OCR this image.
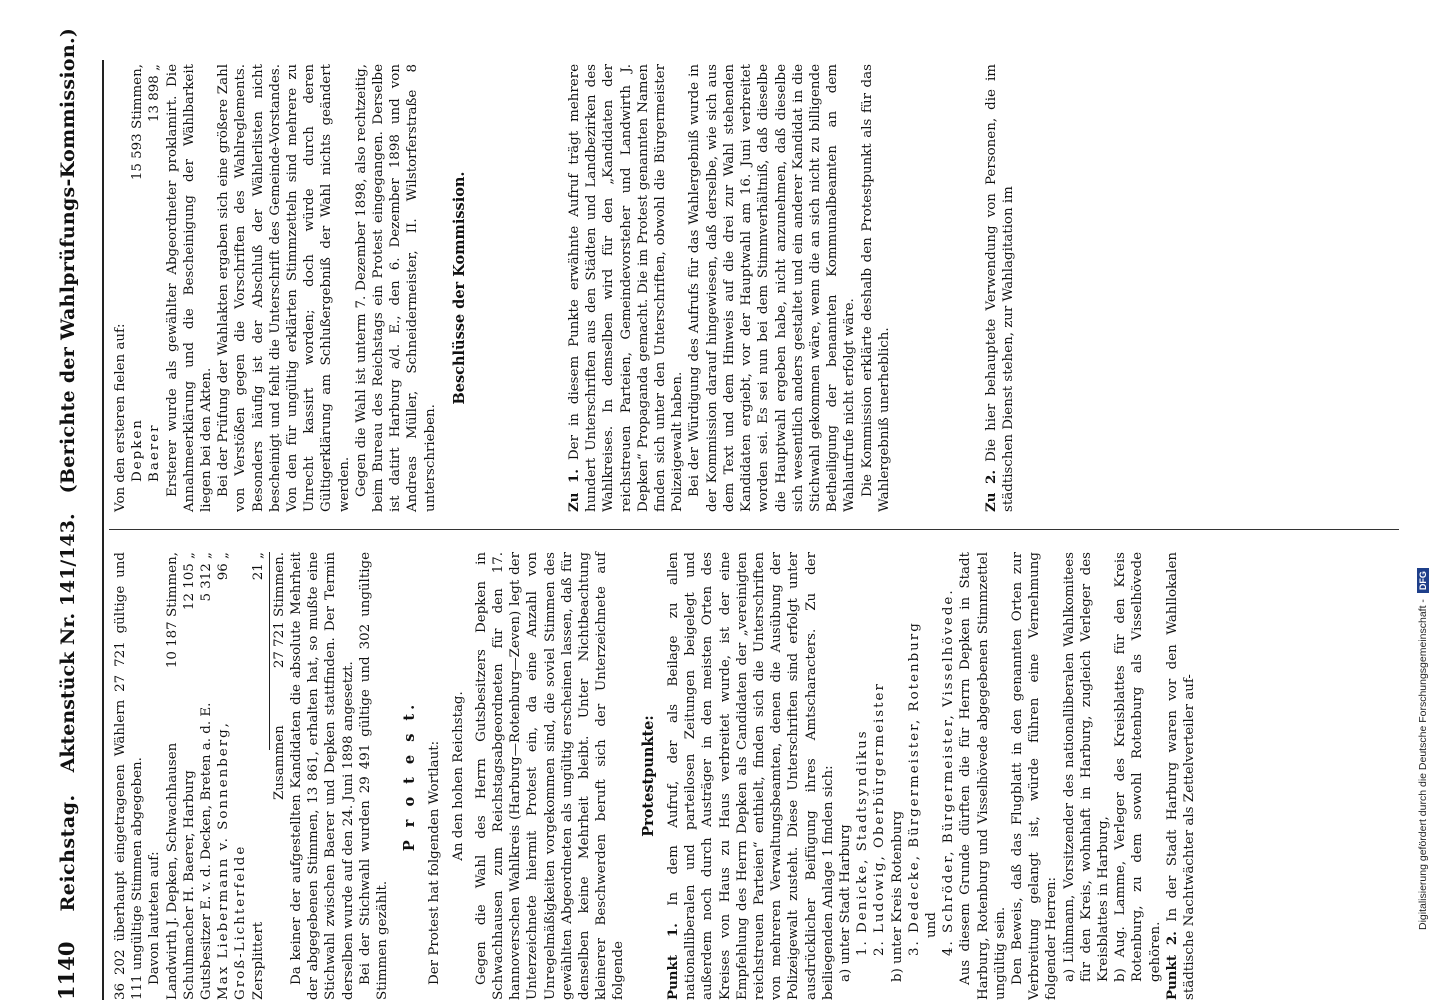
1140
Reichstag.
Aktenstück Nr. 141/143.
(Berichte der Wahlprüfungs-Kommission.)

36 202 überhaupt eingetragenen Wählern 27 721 gültige und 111 ungültige Stimmen abgegeben. Davon lauteten auf: Landwirth J. Depken, Schwachhausen
10 187 Stimmen,
Schuhmacher H. Baerer, Harburg
12 105 „
Gutsbesitzer E. v. d. Decken, Breten a. d. E.
5 312 „
Max Liebermann v. Sonnenberg, Groß-Lichterfelde
96 „
Zersplittert
21 „
Zusammen
27 721 Stimmen. Da keiner der aufgestellten Kandidaten die absolute Mehrheit der abgegebenen Stimmen, 13 861, erhalten hat, so mußte eine Stichwahl zwischen Baerer und Depken stattfinden. Der Termin derselben wurde auf den 24. Juni 1898 angesetzt. Bei der Stichwahl wurden 29 491 gültige und 302 ungültige Stimmen gezählt.

P r o t e s t. Der Protest hat folgenden Wortlaut: An den hohen Reichstag. Gegen die Wahl des Herrn Gutsbesitzers Depken in Schwachhausen zum Reichstagsabgeordneten für den 17. hannoverschen Wahlkreis (Harburg—Rotenburg—Zeven) legt der Unterzeichnete hiermit Protest ein, da eine Anzahl von Unregelmäßigkeiten vorgekommen sind, die soviel Stimmen des gewählten Abgeordneten als ungültig erscheinen lassen, daß für denselben keine Mehrheit bleibt. Unter Nichtbeachtung kleinerer Beschwerden beruft sich der Unterzeichnete auf folgende

Protestpunkte:

Punkt 1. In dem Aufruf, der als Beilage zu allen nationalliberalen und parteilosen Zeitungen beigelegt und außerdem noch durch Austräger in den meisten Orten des Kreises von Haus zu Haus verbreitet wurde, ist der eine Empfehlung des Herrn Depken als Candidaten der „vereinigten reichstreuen Parteien“ enthielt, finden sich die Unterschriften von mehreren Verwaltungsbeamten, denen die Ausübung der Polizeigewalt zusteht. Diese Unterschriften sind erfolgt unter ausdrücklicher Beifügung ihres Amtscharacters. Zu der beiliegenden Anlage 1 finden sich: a) unter Stadt Harburg 1. Denicke, Stadtsyndikus 2. Ludowig, Oberbürgermeister b) unter Kreis Rotenburg 3. Dedecke, Bürgermeister, Rotenburg und 4. Schröder, Bürgermeister, Visselhövede. Aus diesem Grunde dürften die für Herrn Depken in Stadt Harburg, Rotenburg und Visselhövede abgegebenen Stimmzettel ungültig sein. Den Beweis, daß das Flugblatt in den genannten Orten zur Verbreitung gelangt ist, würde führen eine Vernehmung folgender Herren: a) Lühmann, Vorsitzender des nationalliberalen Wahlkomitees für den Kreis, wohnhaft in Harburg, zugleich Verleger des Kreisblattes in Harburg, b) Aug. Lamme, Verleger des Kreisblattes für den Kreis Rotenburg, zu dem sowohl Rotenburg als Visselhövede gehören. Punkt 2. In der Stadt Harburg waren vor den Wahllokalen städtische Nachtwächter als Zettelverteiler auf-

Von den ersteren fielen auf: Depken
15 593 Stimmen,
Baerer
13 898 „ Ersterer wurde als gewählter Abgeordneter proklamirt. Die Annahmeerklärung und die Bescheinigung der Wählbarkeit liegen bei den Akten. Bei der Prüfung der Wahlakten ergaben sich eine größere Zahl von Verstößen gegen die Vorschriften des Wahlreglements. Besonders häufig ist der Abschluß der Wählerlisten nicht bescheinigt und fehlt die Unterschrift des Gemeinde-Vorstandes. Von den für ungültig erklärten Stimmzetteln sind mehrere zu Unrecht kassirt worden; doch würde durch deren Gültigerklärung am Schlußergebniß der Wahl nichts geändert werden. Gegen die Wahl ist unterm 7. Dezember 1898, also rechtzeitig, beim Bureau des Reichstags ein Protest eingegangen. Derselbe ist datirt Harburg a/d. E., den 6. Dezember 1898 und von Andreas Müller, Schneidermeister, II. Wilstorferstraße 8 unterschrieben.

Beschlüsse der Kommission.

Zu 1. Der in diesem Punkte erwähnte Aufruf trägt mehrere hundert Unterschriften aus den Städten und Landbezirken des Wahlkreises. In demselben wird für den „Kandidaten der reichstreuen Parteien, Gemeindevorsteher und Landwirth J. Depken“ Propaganda gemacht. Die im Protest genannten Namen finden sich unter den Unterschriften, obwohl die Bürgermeister Polizeigewalt haben. Bei der Würdigung des Aufrufs für das Wahlergebniß wurde in der Kommission darauf hingewiesen, daß derselbe, wie sich aus dem Text und dem Hinweis auf die drei zur Wahl stehenden Kandidaten ergiebt, vor der Hauptwahl am 16. Juni verbreitet worden sei. Es sei nun bei dem Stimmverhältniß, daß dieselbe die Hauptwahl ergeben habe, nicht anzunehmen, daß dieselbe sich wesentlich anders gestaltet und ein anderer Kandidat in die Stichwahl gekommen wäre, wenn die an sich nicht zu billigende Betheiligung der benannten Kommunalbeamten an dem Wahlaufrufe nicht erfolgt wäre. Die Kommission erklärte deshalb den Protestpunkt als für das Wahlergebniß unerheblich.	Zu 2. Die hier behauptete Verwendung von Personen, die im städtischen Dienst stehen, zur Wahlagitation im

Digitalisierung gefördert durch die Deutsche Forschungsgemeinschaft -
DFG
